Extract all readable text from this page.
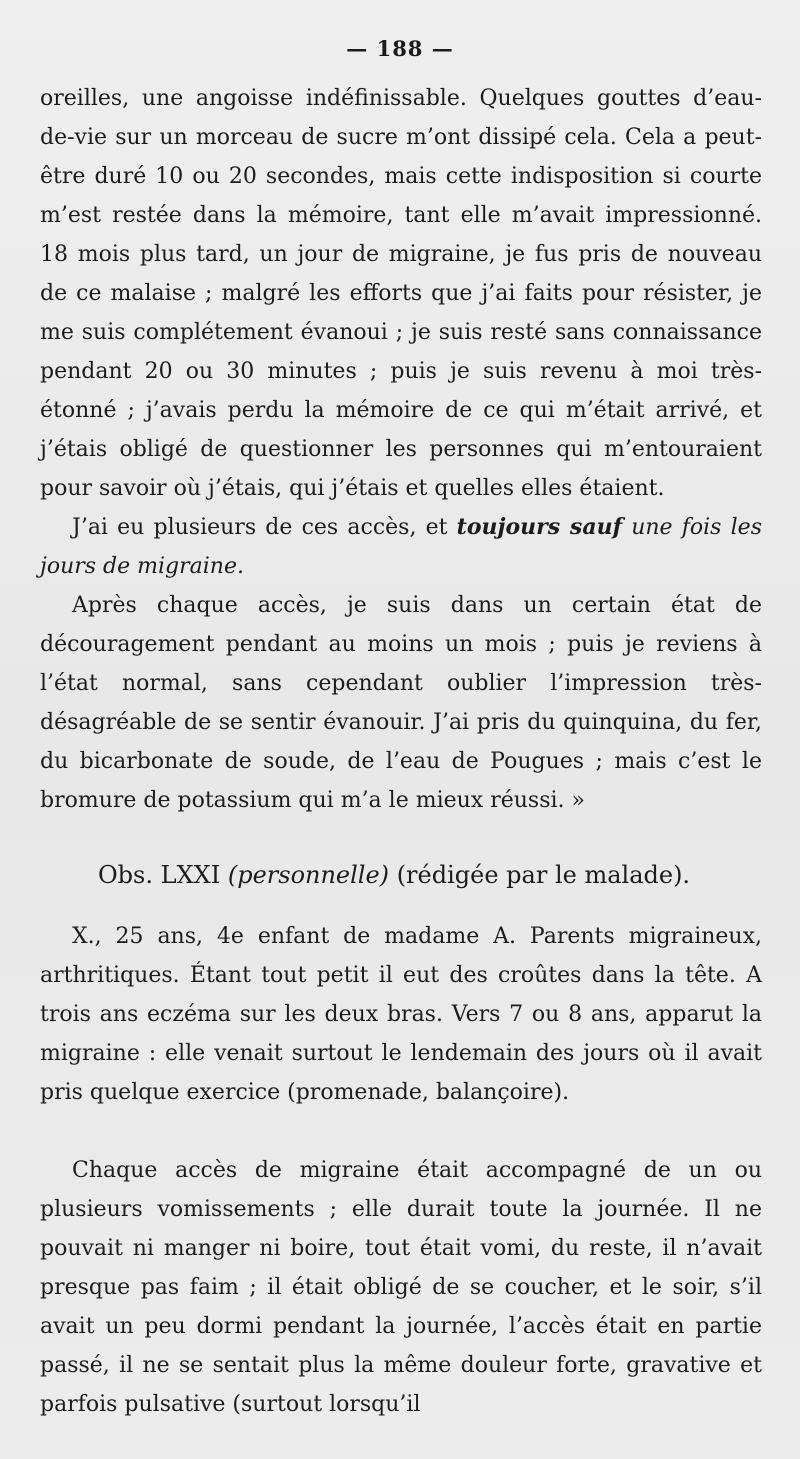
— 188 —

oreilles, une angoisse indéfinissable. Quelques gouttes d’eau-de-vie sur un morceau de sucre m’ont dissipé cela. Cela a peut-être duré 10 ou 20 secondes, mais cette indisposition si courte m’est restée dans la mémoire, tant elle m’avait impressionné. 18 mois plus tard, un jour de migraine, je fus pris de nouveau de ce malaise ; malgré les efforts que j’ai faits pour résister, je me suis complétement évanoui ; je suis resté sans connaissance pendant 20 ou 30 minutes ; puis je suis revenu à moi très-étonné ; j’avais perdu la mémoire de ce qui m’était arrivé, et j’étais obligé de questionner les personnes qui m’entouraient pour savoir où j’étais, qui j’étais et quelles elles étaient.

J’ai eu plusieurs de ces accès, et toujours sauf une fois les jours de migraine.

Après chaque accès, je suis dans un certain état de découragement pendant au moins un mois ; puis je reviens à l’état normal, sans cependant oublier l’impression très-désagréable de se sentir évanouir. J’ai pris du quinquina, du fer, du bicarbonate de soude, de l’eau de Pougues ; mais c’est le bromure de potassium qui m’a le mieux réussi. »

Obs. LXXI (personnelle) (rédigée par le malade).

X., 25 ans, 4e enfant de madame A. Parents migraineux, arthritiques. Étant tout petit il eut des croûtes dans la tête. A trois ans eczéma sur les deux bras. Vers 7 ou 8 ans, apparut la migraine : elle venait surtout le lendemain des jours où il avait pris quelque exercice (promenade, balançoire).

Chaque accès de migraine était accompagné de un ou plusieurs vomissements ; elle durait toute la journée. Il ne pouvait ni manger ni boire, tout était vomi, du reste, il n’avait presque pas faim ; il était obligé de se coucher, et le soir, s’il avait un peu dormi pendant la journée, l’accès était en partie passé, il ne se sentait plus la même douleur forte, gravative et parfois pulsative (surtout lorsqu’il
